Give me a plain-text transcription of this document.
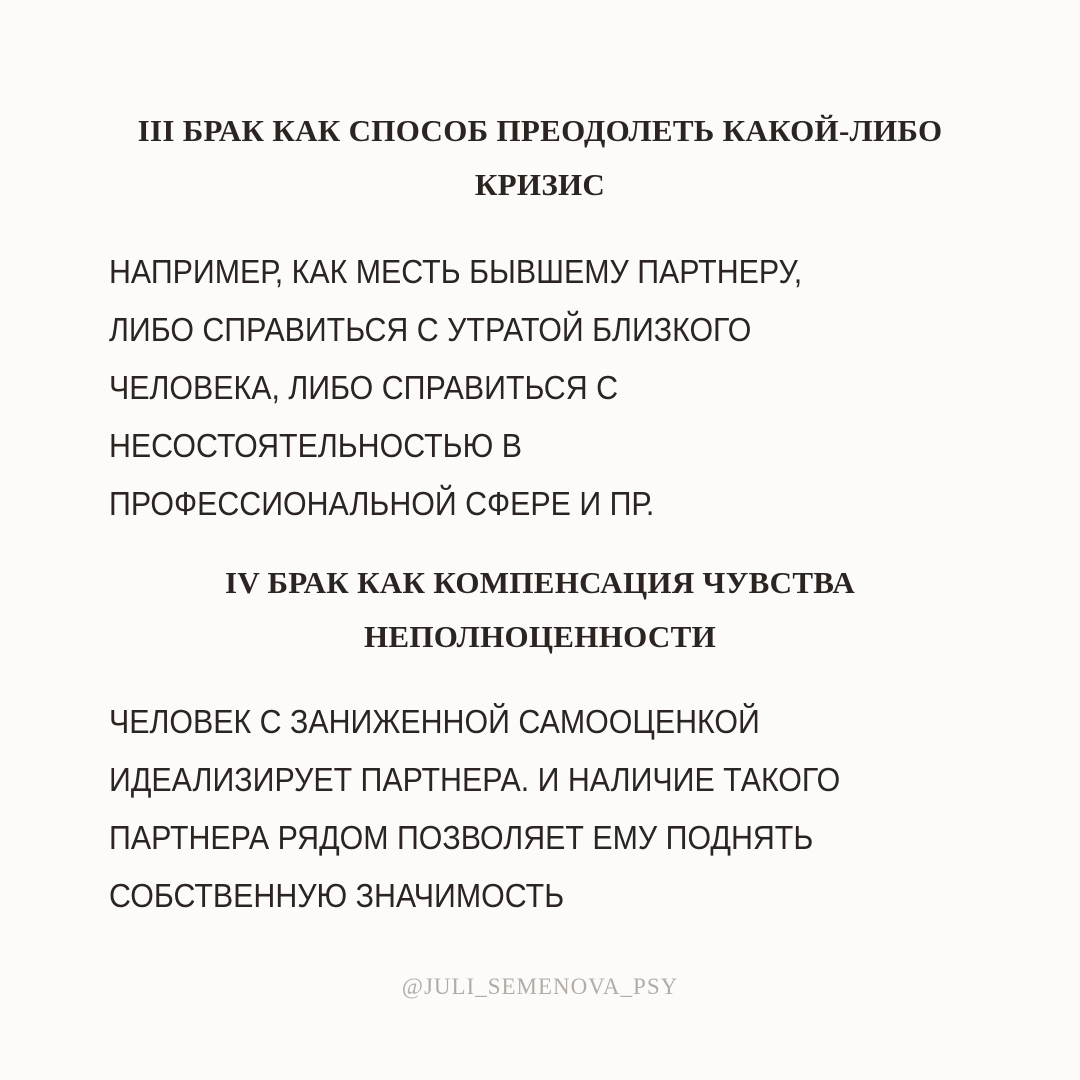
III БРАК КАК СПОСОБ ПРЕОДОЛЕТЬ КАКОЙ-ЛИБО
КРИЗИС

НАПРИМЕР, КАК МЕСТЬ БЫВШЕМУ ПАРТНЕРУ,
ЛИБО СПРАВИТЬСЯ С УТРАТОЙ БЛИЗКОГО
ЧЕЛОВЕКА, ЛИБО СПРАВИТЬСЯ С
НЕСОСТОЯТЕЛЬНОСТЬЮ В
ПРОФЕССИОНАЛЬНОЙ СФЕРЕ И ПР.

IV БРАК КАК КОМПЕНСАЦИЯ ЧУВСТВА
НЕПОЛНОЦЕННОСТИ

ЧЕЛОВЕК С ЗАНИЖЕННОЙ САМООЦЕНКОЙ
ИДЕАЛИЗИРУЕТ ПАРТНЕРА. И НАЛИЧИЕ ТАКОГО
ПАРТНЕРА РЯДОМ ПОЗВОЛЯЕТ ЕМУ ПОДНЯТЬ
СОБСТВЕННУЮ ЗНАЧИМОСТЬ

@JULI_SEMENOVA_PSY
